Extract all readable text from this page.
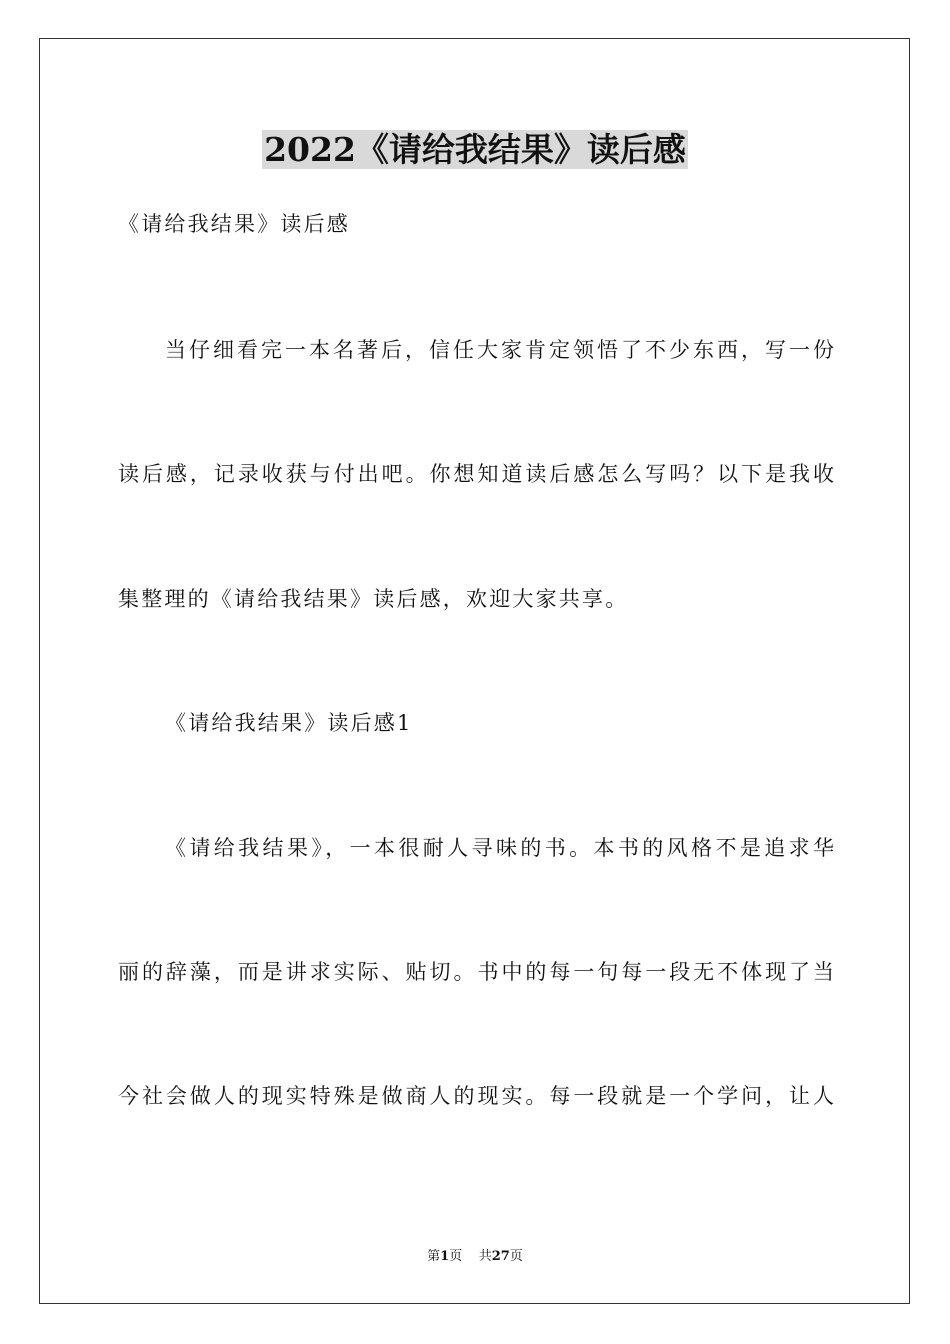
2022《请给我结果》读后感
《请给我结果》读后感
当仔细看完一本名著后，信任大家肯定领悟了不少东西，写一份
读后感，记录收获与付出吧。你想知道读后感怎么写吗？以下是我收
集整理的《请给我结果》读后感，欢迎大家共享。
《请给我结果》读后感1
《请给我结果》，一本很耐人寻味的书。本书的风格不是追求华
丽的辞藻，而是讲求实际、贴切。书中的每一句每一段无不体现了当
今社会做人的现实特殊是做商人的现实。每一段就是一个学问，让人
第1页 共27页
